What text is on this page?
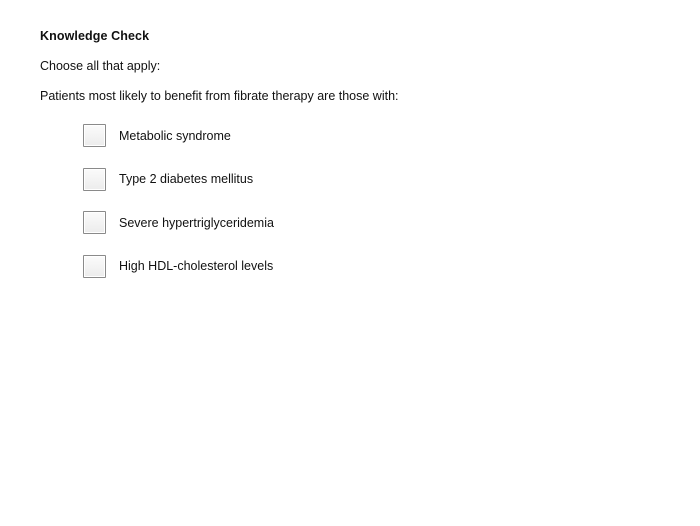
Knowledge Check

Choose all that apply:

Patients most likely to benefit from fibrate therapy are those with:

Metabolic syndrome
Type 2 diabetes mellitus
Severe hypertriglyceridemia
High HDL-cholesterol levels
